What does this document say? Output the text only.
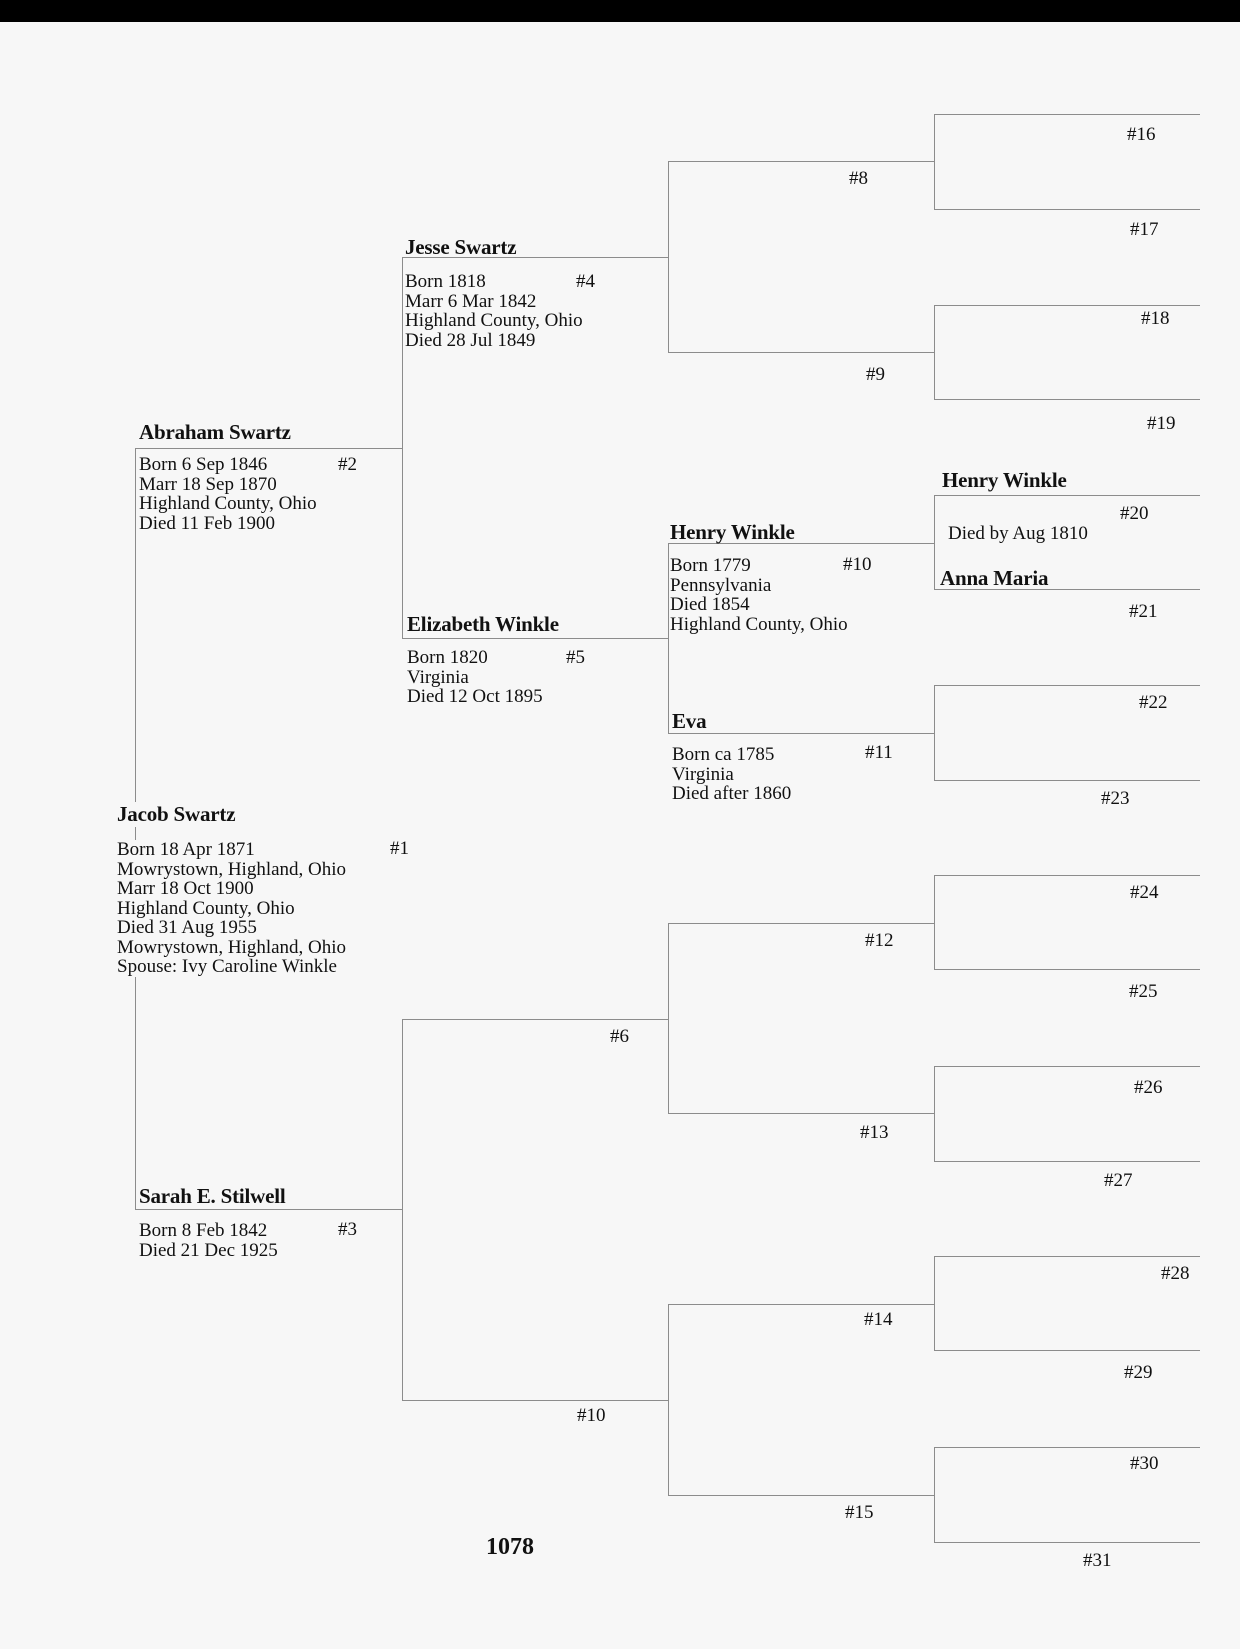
Jacob Swartz
#1
Born 18 Apr 1871
Mowrystown, Highland, Ohio
Marr 18 Oct 1900
Highland County, Ohio
Died 31 Aug 1955
Mowrystown, Highland, Ohio
Spouse: Ivy Caroline Winkle
Abraham Swartz
#2
Born 6 Sep 1846
Marr 18 Sep 1870
Highland County, Ohio
Died 11 Feb 1900
Sarah E. Stilwell
#3
Born 8 Feb 1842
Died 21 Dec 1925
Jesse Swartz
#4
Born 1818
Marr 6 Mar 1842
Highland County, Ohio
Died 28 Jul 1849
Elizabeth Winkle
#5
Born 1820
Virginia
Died 12 Oct 1895
Henry Winkle
#10
Born 1779
Pennsylvania
Died 1854
Highland County, Ohio
Eva
#11
Born ca 1785
Virginia
Died after 1860
Henry Winkle
#20
Died by Aug 1810
Anna Maria
#21
#6
#10
#8
#9
#12
#13
#14
#15
#16
#17
#18
#19
#22
#23
#24
#25
#26
#27
#28
#29
#30
#31
1078
